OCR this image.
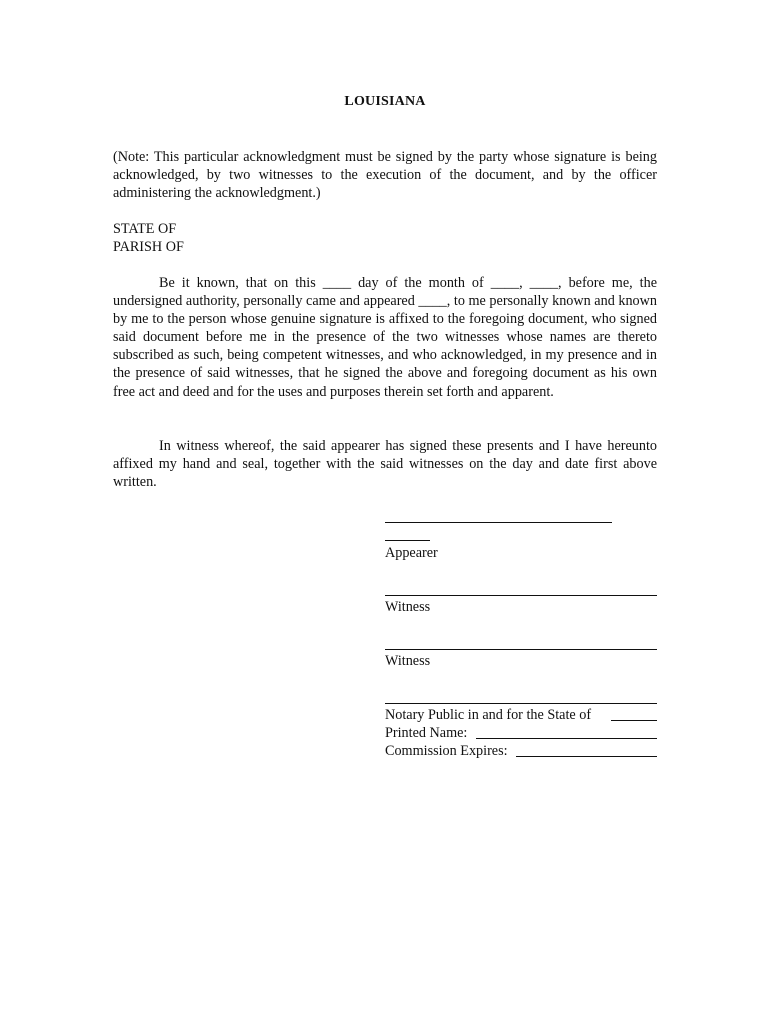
LOUISIANA
(Note: This particular acknowledgment must be signed by the party whose signature is being acknowledged, by two witnesses to the execution of the document, and by the officer administering the acknowledgment.)
STATE OF
PARISH OF
Be it known, that on this ____ day of the month of ____, ____, before me, the undersigned authority, personally came and appeared ____, to me personally known and known by me to the person whose genuine signature is affixed to the foregoing document, who signed said document before me in the presence of the two witnesses whose names are thereto subscribed as such, being competent witnesses, and who acknowledged, in my presence and in the presence of said witnesses, that he signed the above and foregoing document as his own free act and deed and for the uses and purposes therein set forth and apparent.
In witness whereof, the said appearer has signed these presents and I have hereunto affixed my hand and seal, together with the said witnesses on the day and date first above written.
Appearer
Witness
Witness
Notary Public in and for the State of
Printed Name:
Commission Expires:
